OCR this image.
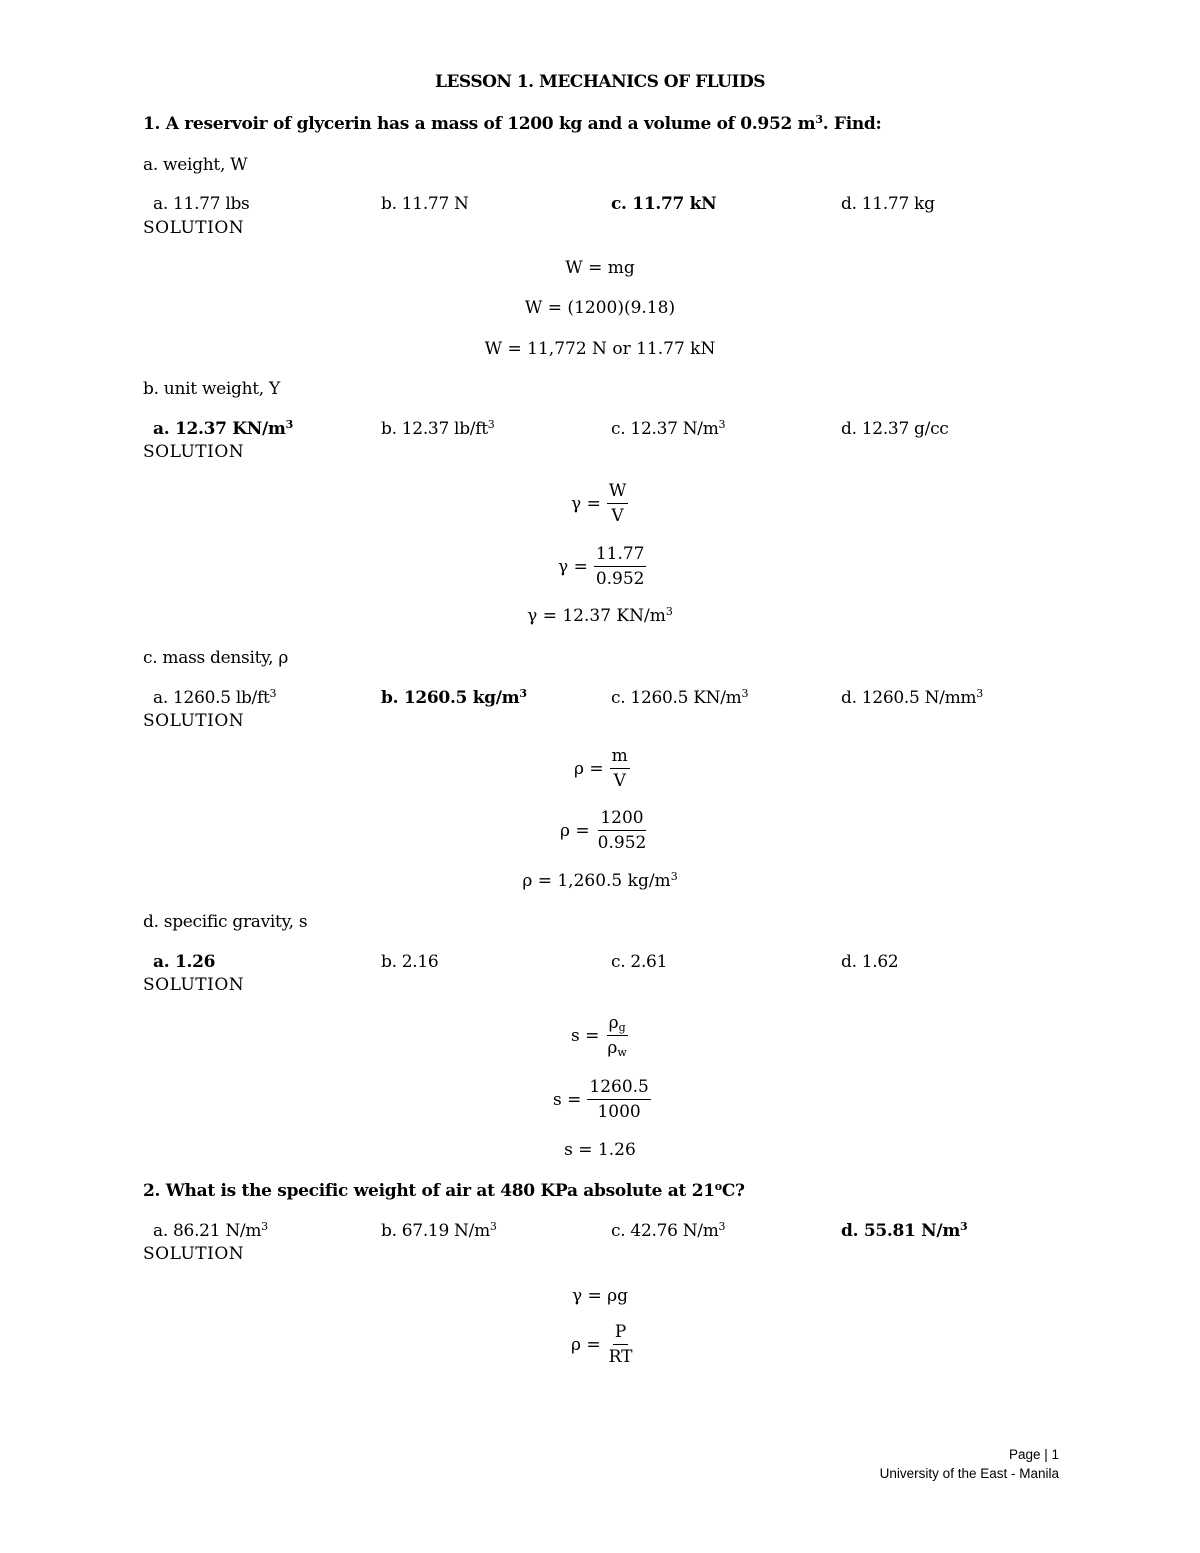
LESSON 1. MECHANICS OF FLUIDS
1. A reservoir of glycerin has a mass of 1200 kg and a volume of 0.952 $m^3$. Find:
a. weight, W
a. 11.77 lbs	b. 11.77 N	c. 11.77 kN	d. 11.77 kg
SOLUTION
W = mg
W = (1200)(9.18)
W = 11,772 N or 11.77 kN
b. unit weight, Y
a. 12.37 $KN/m^3$	b. 12.37 $lb/ft^3$	c. 12.37 $N/m^3$	d. 12.37 g/cc
SOLUTION
$\gamma = \frac{W}{V}$
$\gamma = \frac{11.77}{0.952}$
γ = 12.37 $KN/m^3$
c. mass density, ρ
a. 1260.5 $lb/ft^3$	b. 1260.5 $kg/m^3$	c. 1260.5 $KN/m^3$	d. 1260.5 $N/mm^3$
SOLUTION
$\rho = \frac{m}{V}$
$\rho = \frac{1200}{0.952}$
ρ = 1,260.5 $kg/m^3$
d. specific gravity, s
a. 1.26	b. 2.16	c. 2.61	d. 1.62
SOLUTION
$s = \frac{\rho_g}{\rho_w}$
$s = \frac{1260.5}{1000}$
s = 1.26
2. What is the specific weight of air at 480 KPa absolute at 21$^o$C?
a. 86.21 $N/m^3$	b. 67.19 $N/m^3$	c. 42.76 $N/m^3$	d. 55.81 $N/m^3$
SOLUTION
γ = ρg
$\rho = \frac{P}{RT}$
Page | 1
University of the East - Manila
